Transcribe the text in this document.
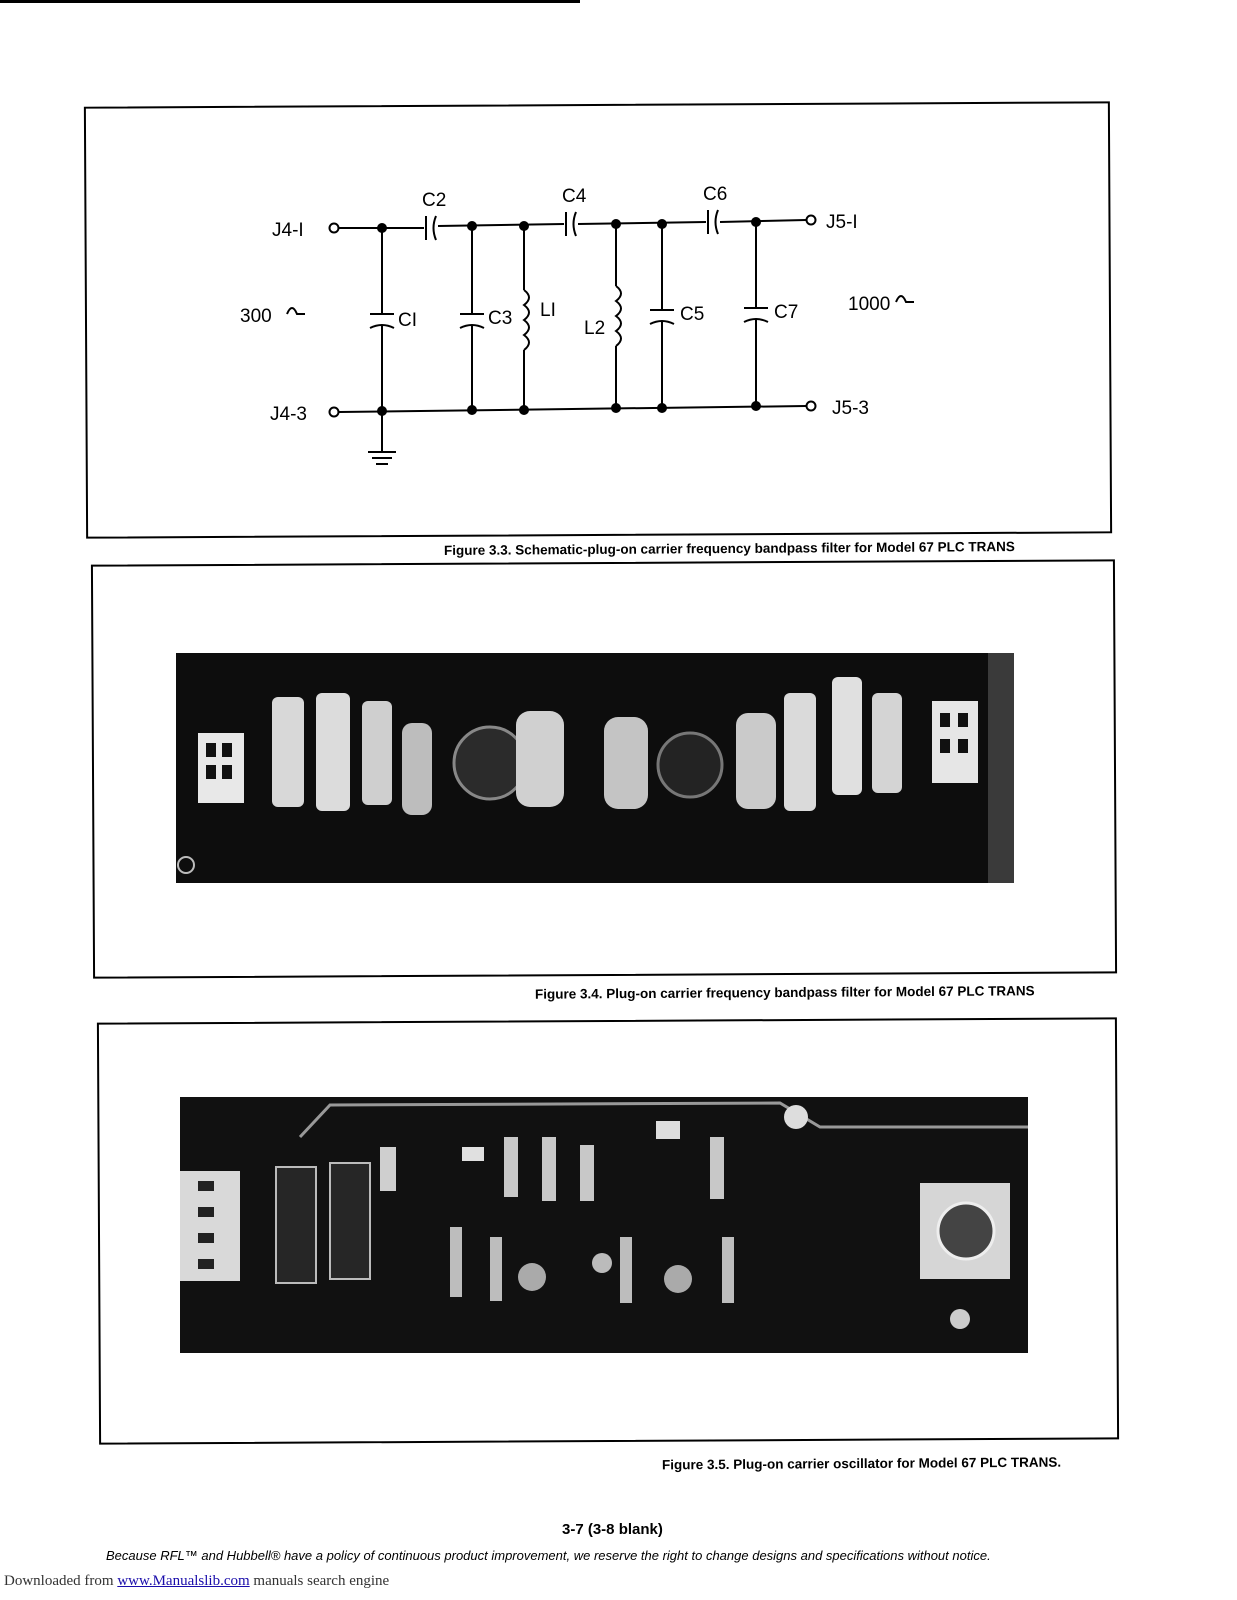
C2	C4	C6
J4-I	J5-I
300
1000
CI	C3 LI
L2
C5	C7
J4-3	J5-3
Figure 3.3. Schematic-plug-on carrier frequency bandpass filter for Model 67 PLC TRANS
Figure 3.4. Plug-on carrier frequency bandpass filter for Model 67 PLC TRANS
Figure 3.5. Plug-on carrier oscillator for Model 67 PLC TRANS.
3-7 (3-8 blank)
Because RFL™ and Hubbell® have a policy of continuous product improvement, we reserve the right to change designs and specifications without notice.
Downloaded from www.Manualslib.com manuals search engine
